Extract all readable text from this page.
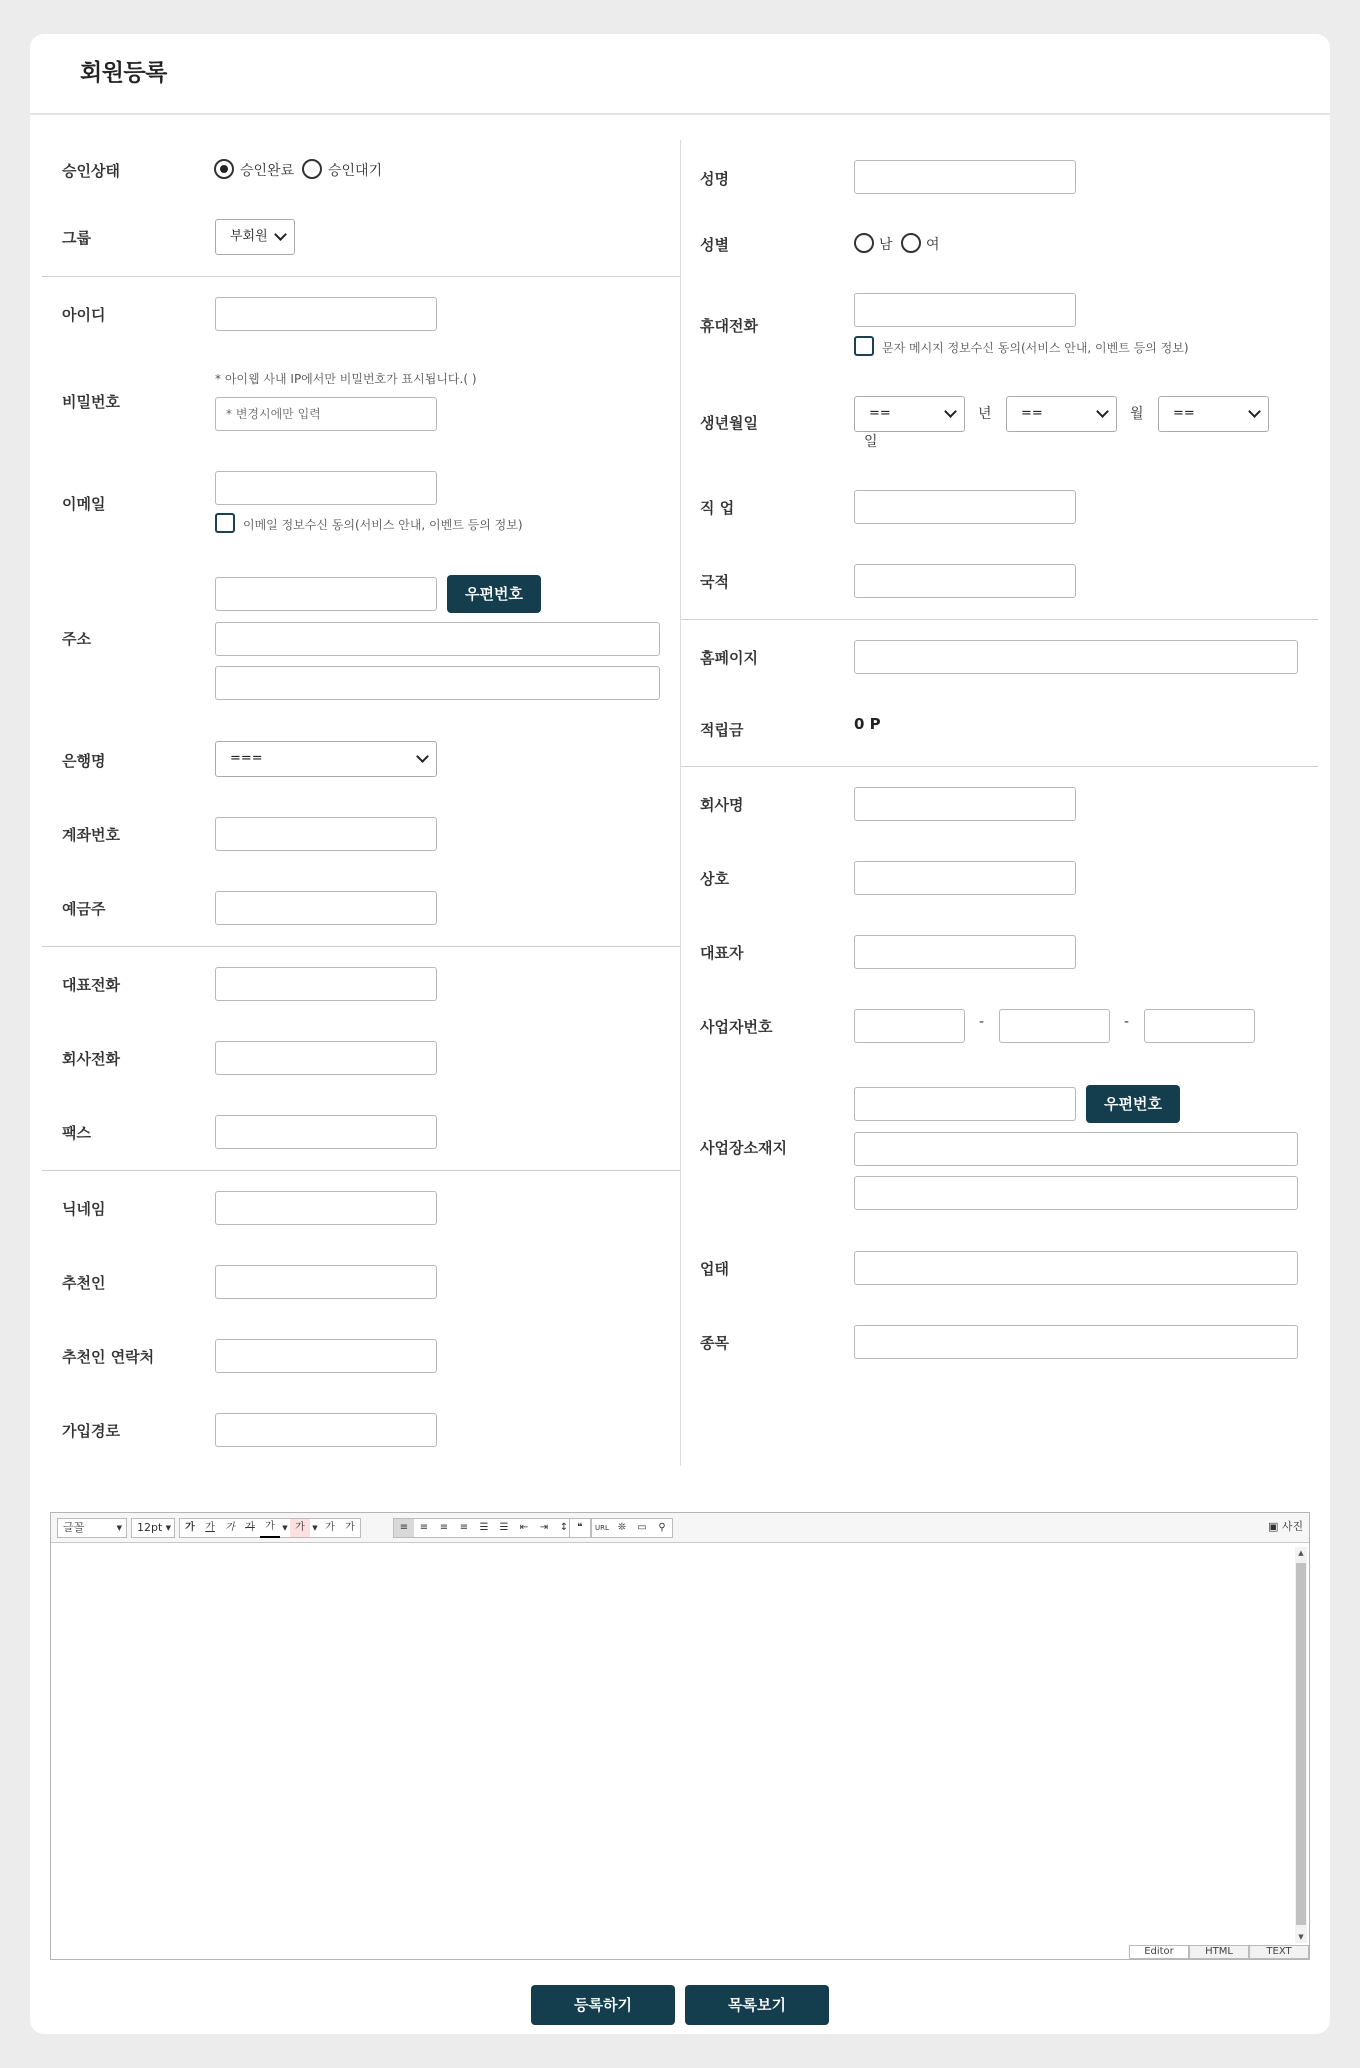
회원등록
승인상태	승인완료 승인대기
그룹	부회원
아이디
비밀번호
* 아이웹 사내 IP에서만 비밀번호가 표시됩니다.( )
* 변경시에만 입력
이메일
이메일 정보수신 동의(서비스 안내, 이벤트 등의 정보)
주소
우편번호
은행명	===
계좌번호
예금주
대표전화
회사전화
팩스
닉네임
추천인
추천인 연락처
가입경로
성명
성별	남 여
휴대전화
문자 메시지 정보수신 동의(서비스 안내, 이벤트 등의 정보)
생년월일
==	년	==	월	==
일
직 업
국적
홈페이지
적립금	0 P
회사명
상호
대표자
사업자번호	-	-
사업장소재지
우편번호
업태
종목
글꼴	▼	12pt ▼	가	가	가	가	가	▼ 가	▼ 가	가	≡	≡	≡	≡	☰	☰	⇤	⇥	↕ ❝	URL ❊	▭	⚲	▣ 사진
▲
▼
Editor	HTML	TEXT
등록하기	목록보기
